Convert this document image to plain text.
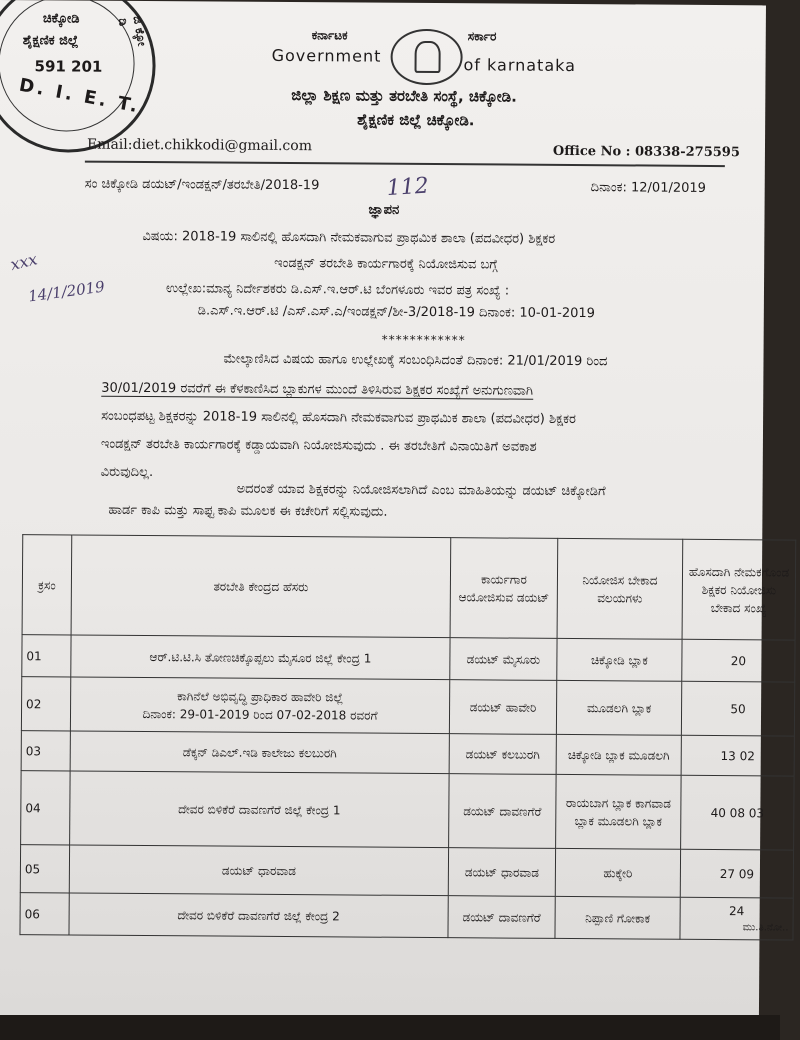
ಚಿಕ್ಕೋಡಿ
ಶೈಕ್ಷಣಿಕ ಜಿಲ್ಲೆ
591 201
D. I. E. T.
ಜಿ ಕ್ಕೋ ಡಿ
ಕರ್ನಾಟಕ
Government
ಸರ್ಕಾರ
of karnataka
ಜಿಲ್ಲಾ ಶಿಕ್ಷಣ ಮತ್ತು ತರಬೇತಿ ಸಂಸ್ಥೆ, ಚಿಕ್ಕೋಡಿ.
ಶೈಕ್ಷಣಿಕ ಜಿಲ್ಲೆ ಚಿಕ್ಕೋಡಿ.
Email:diet.chikkodi@gmail.com	Office No : 08338-275595
ಸಂ ಚಿಕ್ಕೋಡಿ ಡಯಟ್/ಇಂಡಕ್ಷನ್/ತರಬೇತಿ/2018-19	112	ದಿನಾಂಕ: 12/01/2019
ಜ್ಞಾಪನ
ವಿಷಯ: 2018-19 ಸಾಲಿನಲ್ಲಿ ಹೊಸದಾಗಿ ನೇಮಕವಾಗುವ ಪ್ರಾಥಮಿಕ ಶಾಲಾ (ಪದವೀಧರ) ಶಿಕ್ಷಕರ
ಇಂಡಕ್ಷನ್ ತರಬೇತಿ ಕಾರ್ಯಗಾರಕ್ಕೆ ನಿಯೋಜಿಸುವ ಬಗ್ಗೆ
ಉಲ್ಲೇಖ:ಮಾನ್ಯ ನಿರ್ದೇಶಕರು ಡಿ.ಎಸ್.ಇ.ಆರ್.ಟಿ ಬೆಂಗಳೂರು ಇವರ ಪತ್ರ ಸಂಖ್ಯೆ :
ಡಿ.ಎಸ್.ಇ.ಆರ್.ಟಿ /ಎಸ್.ಎಸ್.ಎ/ಇಂಡಕ್ಷನ್/ಶೀ-3/2018-19 ದಿನಾಂಕ: 10-01-2019
xxx
14/1/2019
************
ಮೇಲ್ಕಾಣಿಸಿದ ವಿಷಯ ಹಾಗೂ ಉಲ್ಲೇಖಕ್ಕೆ ಸಂಬಂಧಿಸಿದಂತೆ ದಿನಾಂಕ: 21/01/2019 ರಿಂದ
30/01/2019 ರವರೆಗೆ ಈ ಕೆಳಕಾಣಿಸಿದ ಬ್ಲಾಕುಗಳ ಮುಂದೆ ತಿಳಿಸಿರುವ ಶಿಕ್ಷಕರ ಸಂಖ್ಯೆಗೆ ಅನುಗುಣವಾಗಿ
ಸಂಬಂಧಪಟ್ಟ ಶಿಕ್ಷಕರನ್ನು 2018-19 ಸಾಲಿನಲ್ಲಿ ಹೊಸದಾಗಿ ನೇಮಕವಾಗುವ ಪ್ರಾಥಮಿಕ ಶಾಲಾ (ಪದವೀಧರ) ಶಿಕ್ಷಕರ
ಇಂಡಕ್ಷನ್ ತರಬೇತಿ ಕಾರ್ಯಗಾರಕ್ಕೆ ಕಡ್ಡಾಯವಾಗಿ ನಿಯೋಜಿಸುವುದು . ಈ ತರಬೇತಿಗೆ ವಿನಾಯಿತಿಗೆ ಅವಕಾಶ
ವಿರುವುದಿಲ್ಲ.
ಅದರಂತೆ ಯಾವ ಶಿಕ್ಷಕರನ್ನು ನಿಯೋಜಿಸಲಾಗಿದೆ ಎಂಬ ಮಾಹಿತಿಯನ್ನು ಡಯಟ್ ಚಿಕ್ಕೋಡಿಗೆ
ಹಾರ್ಡ ಕಾಪಿ ಮತ್ತು ಸಾಫ್ಟ ಕಾಪಿ ಮೂಲಕ ಈ ಕಚೇರಿಗೆ ಸಲ್ಲಿಸುವುದು.
ಕ್ರಸಂ	ತರಬೇತಿ ಕೇಂದ್ರದ ಹೆಸರು	ಕಾರ್ಯಗಾರ ಆಯೋಜಿಸುವ ಡಯಟ್	ನಿಯೋಜಿಸ ಬೇಕಾದ ವಲಯಗಳು	ಹೊಸದಾಗಿ ನೇಮಕಗೊಂಡ ಶಿಕ್ಷಕರ ನಿಯೋಜಿಸು ಬೇಕಾದ ಸಂಖ್ಯೆ
01	ಆರ್.ಟಿ.ಟಿ.ಸಿ ತೋಣಚಿಕ್ಕೊಪ್ಪಲು ಮೈಸೂರ ಜಿಲ್ಲೆ ಕೇಂದ್ರ 1	ಡಯಟ್ ಮೈಸೂರು	ಚಿಕ್ಕೋಡಿ ಬ್ಲಾಕ	20
02	ಕಾಗಿನೆಲೆ ಅಭಿವೃದ್ಧಿ ಪ್ರಾಧಿಕಾರ ಹಾವೇರಿ ಜಿಲ್ಲೆ
ದಿನಾಂಕ: 29-01-2019 ರಿಂದ 07-02-2018 ರವರಗೆ	ಡಯಟ್ ಹಾವೇರಿ	ಮೂಡಲಗಿ ಬ್ಲಾಕ	50
03	ಡೆಕ್ಕನ್ ಡಿಎಲ್.ಇಡಿ ಕಾಲೇಜು ಕಲಬುರಗಿ	ಡಯಟ್ ಕಲಬುರಗಿ	ಚಿಕ್ಕೋಡಿ ಬ್ಲಾಕ ಮೂಡಲಗಿ	13 02
04	ದೇವರ ಬಿಳಿಕೆರೆ ದಾವಣಗೆರೆ ಜಿಲ್ಲೆ ಕೇಂದ್ರ 1	ಡಯಟ್ ದಾವಣಗೆರೆ	ರಾಯಬಾಗ ಬ್ಲಾಕ ಕಾಗವಾಡ ಬ್ಲಾಕ ಮೂಡಲಗಿ ಬ್ಲಾಕ	40 08 03
05	ಡಯಟ್ ಧಾರವಾಡ	ಡಯಟ್ ಧಾರವಾಡ	ಹುಕ್ಕೇರಿ	27 09
06	ದೇವರ ಬಿಳಿಕೆರೆ ದಾವಣಗೆರೆ ಜಿಲ್ಲೆ ಕೇಂದ್ರ 2	ಡಯಟ್ ದಾವಣಗೆರೆ	ನಿಪ್ಪಾಣಿ ಗೋಕಾಕ	24
ಮು.ತಿ.ನೋ..
